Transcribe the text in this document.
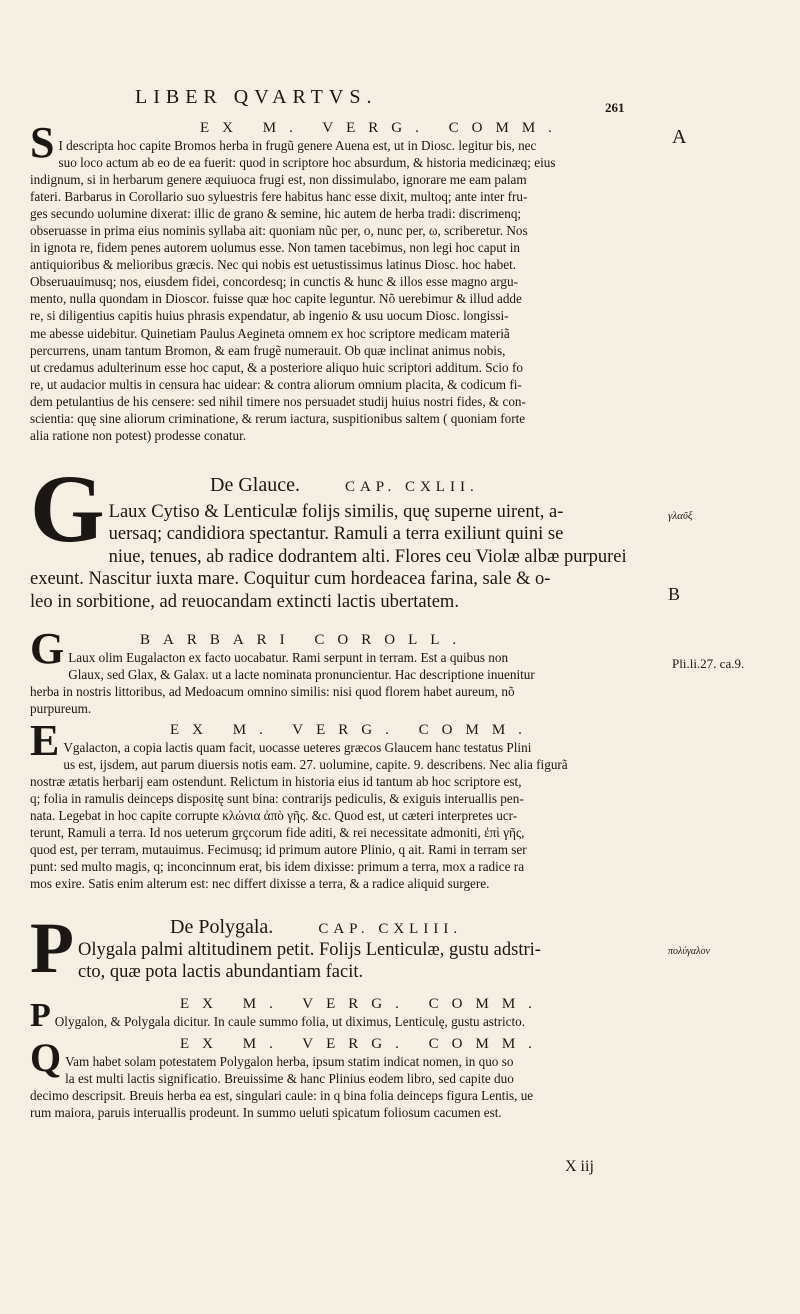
LIBER QVARTVS.	261
EX M. VERG. COMM.
S I descripta hoc capite Bromos herba in frugũ genere Auena est, ut in Diosc. legitur bis, nec
suo loco actum ab eo de ea fuerit: quod in scriptore hoc absurdum, & historia medicinæq; eius
indignum, si in herbarum genere æquiuoca frugi est, non dissimulabo, ignorare me eam palam
fateri. Barbarus in Corollario suo syluestris fere habitus hanc esse dixit, multoq; ante inter fru-
ges secundo uolumine dixerat: illic de grano & semine, hic autem de herba tradi: discrimenq;
obseruasse in prima eius nominis syllaba ait: quoniam nũc per, o, nunc per, ω, scriberetur. Nos
in ignota re, fidem penes autorem uolumus esse. Non tamen tacebimus, non legi hoc caput in
antiquioribus & melioribus græcis. Nec qui nobis est uetustissimus latinus Diosc. hoc habet.
Obseruauimusq; nos, eiusdem fidei, concordesq; in cunctis & hunc & illos esse magno argu-
mento, nulla quondam in Dioscor. fuisse quæ hoc capite leguntur. Nõ uerebimur & illud adde
re, si diligentius capitis huius phrasis expendatur, ab ingenio & usu uocum Diosc. longissi-
me abesse uidebitur. Quinetiam Paulus Aegineta omnem ex hoc scriptore medicam materiã
percurrens, unam tantum Bromon, & eam frugẽ numerauit. Ob quæ inclinat animus nobis,
ut credamus adulterinum esse hoc caput, & a posteriore aliquo huic scriptori additum. Scio fo
re, ut audacior multis in censura hac uidear: & contra aliorum omnium placita, & codicum fi-
dem petulantius de his censere: sed nihil timere nos persuadet studij huius nostri fides, & con-
scientia: quę sine aliorum criminatione, & rerum iactura, suspitionibus saltem ( quoniam forte
alia ratione non potest) prodesse conatur.
G	De Glauce.	CAP. CXLII.
Laux Cytiso & Lenticulæ folijs similis, quę superne uirent, a-
uersaq; candidiora spectantur. Ramuli a terra exiliunt quini se
niue, tenues, ab radice dodrantem alti. Flores ceu Violæ albæ purpurei
exeunt. Nascitur iuxta mare. Coquitur cum hordeacea farina, sale & o-
leo in sorbitione, ad reuocandam extincti lactis ubertatem.
BARBARI COROLL.
G Laux olim Eugalacton ex facto uocabatur. Rami serpunt in terram. Est a quibus non
Glaux, sed Glax, & Galax. ut a lacte nominata pronuncientur. Hac descriptione inuenitur
herba in nostris littoribus, ad Medoacum omnino similis: nisi quod florem habet aureum, nõ
purpureum.
EX M. VERG. COMM.
E Vgalacton, a copia lactis quam facit, uocasse ueteres græcos Glaucem hanc testatus Plini
us est, ijsdem, aut parum diuersis notis eam. 27. uolumine, capite. 9. describens. Nec alia figurã
nostræ ætatis herbarij eam ostendunt. Relictum in historia eius id tantum ab hoc scriptore est,
q; folia in ramulis deinceps dispositę sunt bina: contrarijs pediculis, & exiguis interuallis pen-
nata. Legebat in hoc capite corrupte κλώνια ἀπὸ γῆς. &c. Quod est, ut cæteri interpretes ucr-
terunt, Ramuli a terra. Id nos ueterum grçcorum fide aditi, & rei necessitate admoniti, ἐπὶ γῆς,
quod est, per terram, mutauimus. Fecimusq; id primum autore Plinio, q ait. Rami in terram ser
punt: sed multo magis, q; inconcinnum erat, bis idem dixisse: primum a terra, mox a radice ra
mos exire. Satis enim alterum est: nec differt dixisse a terra, & a radice aliquid surgere.
P	De Polygala.	CAP. CXLIII.
Olygala palmi altitudinem petit. Folijs Lenticulæ, gustu adstri-
cto, quæ pota lactis abundantiam facit.
EX M. VERG. COMM.
P Olygalon, & Polygala dicitur. In caule summo folia, ut diximus, Lenticulę, gustu astricto.
EX M. VERG. COMM.
Q Vam habet solam potestatem Polygalon herba, ipsum statim indicat nomen, in quo so
la est multi lactis significatio. Breuissime & hanc Plinius eodem libro, sed capite duo
decimo descripsit. Breuis herba ea est, singulari caule: in q bina folia deinceps figura Lentis, ue
rum maiora, paruis interuallis prodeunt. In summo ueluti spicatum foliosum cacumen est.
X iij
A
γλαῦξ
B
Pli.li.27. ca.9.
πολύγαλον
